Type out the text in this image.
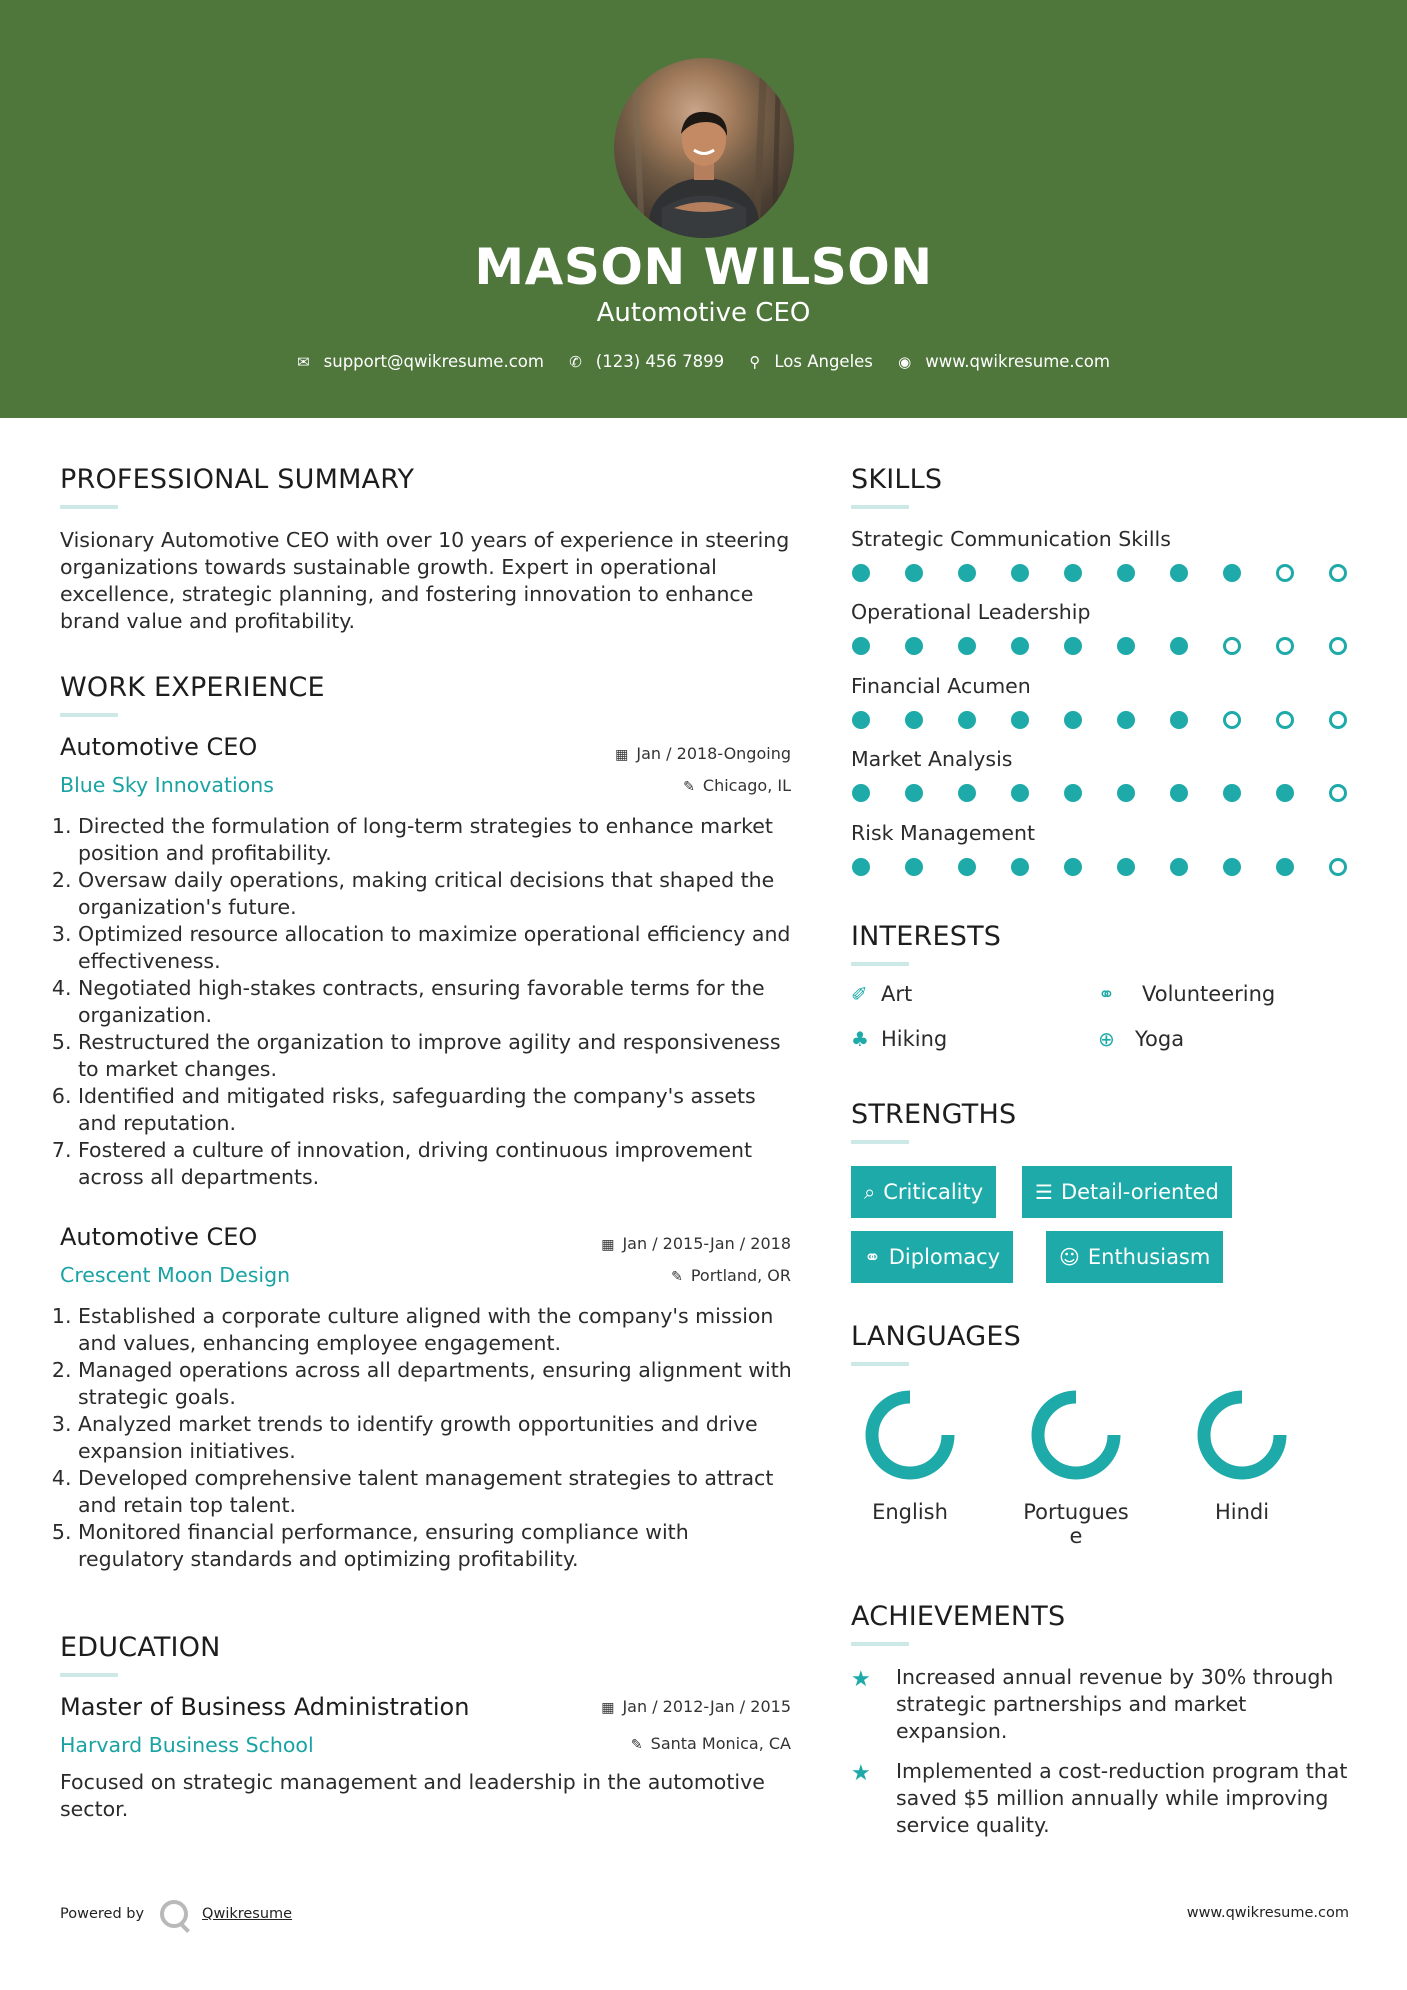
MASON WILSON
Automotive CEO
✉ support@qwikresume.com ✆ (123) 456 7899 ⚲ Los Angeles ◉ www.qwikresume.com
PROFESSIONAL SUMMARY
Visionary Automotive CEO with over 10 years of experience in steering organizations towards sustainable growth. Expert in operational excellence, strategic planning, and fostering innovation to enhance brand value and profitability.
WORK EXPERIENCE
Automotive CEO
Blue Sky Innovations
▦ Jan / 2018-Ongoing
✎ Chicago, IL
1. Directed the formulation of long-term strategies to enhance market position and profitability.
2. Oversaw daily operations, making critical decisions that shaped the organization's future.
3. Optimized resource allocation to maximize operational efficiency and effectiveness.
4. Negotiated high-stakes contracts, ensuring favorable terms for the organization.
5. Restructured the organization to improve agility and responsiveness to market changes.
6. Identified and mitigated risks, safeguarding the company's assets and reputation.
7. Fostered a culture of innovation, driving continuous improvement across all departments.
Automotive CEO
Crescent Moon Design
▦ Jan / 2015-Jan / 2018
✎ Portland, OR
1. Established a corporate culture aligned with the company's mission and values, enhancing employee engagement.
2. Managed operations across all departments, ensuring alignment with strategic goals.
3. Analyzed market trends to identify growth opportunities and drive expansion initiatives.
4. Developed comprehensive talent management strategies to attract and retain top talent.
5. Monitored financial performance, ensuring compliance with regulatory standards and optimizing profitability.
EDUCATION
Master of Business Administration
Harvard Business School
▦ Jan / 2012-Jan / 2015
✎ Santa Monica, CA
Focused on strategic management and leadership in the automotive sector.
SKILLS
Strategic Communication Skills
Operational Leadership
Financial Acumen
Market Analysis
Risk Management
INTERESTS
✐ Art	⚭ Volunteering
♣ Hiking	⊕ Yoga
STRENGTHS
⌕ Criticality	☰ Detail-oriented
⚭ Diplomacy	☺ Enthusiasm
LANGUAGES
English	Portugues
e
Hindi
ACHIEVEMENTS
★ Increased annual revenue by 30% through strategic partnerships and market expansion.
★ Implemented a cost-reduction program that saved $5 million annually while improving service quality.
Powered by	Qwikresume	www.qwikresume.com
